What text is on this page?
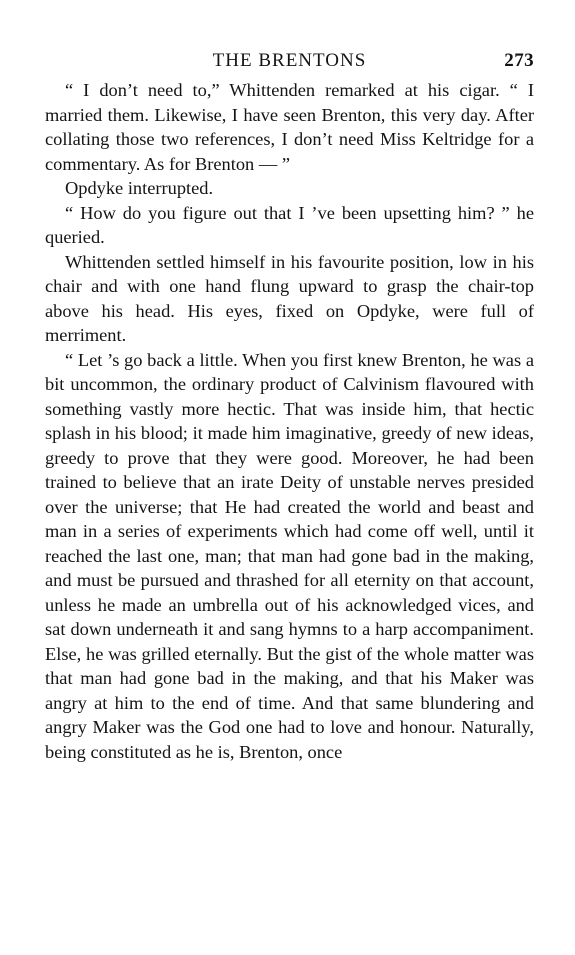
THE BRENTONS	273

“ I don’t need to,” Whittenden remarked at his cigar. “ I married them. Likewise, I have seen Brenton, this very day. After collating those two references, I don’t need Miss Keltridge for a commentary. As for Brenton — ”

Opdyke interrupted.

“ How do you figure out that I ’ve been upsetting him? ” he queried.

Whittenden settled himself in his favourite position, low in his chair and with one hand flung upward to grasp the chair-top above his head. His eyes, fixed on Opdyke, were full of merriment.

“ Let ’s go back a little. When you first knew Brenton, he was a bit uncommon, the ordinary product of Calvinism flavoured with something vastly more hectic. That was inside him, that hectic splash in his blood; it made him imaginative, greedy of new ideas, greedy to prove that they were good. Moreover, he had been trained to believe that an irate Deity of unstable nerves presided over the universe; that He had created the world and beast and man in a series of experiments which had come off well, until it reached the last one, man; that man had gone bad in the making, and must be pursued and thrashed for all eternity on that account, unless he made an umbrella out of his acknowledged vices, and sat down underneath it and sang hymns to a harp accompaniment. Else, he was grilled eternally. But the gist of the whole matter was that man had gone bad in the making, and that his Maker was angry at him to the end of time. And that same blundering and angry Maker was the God one had to love and honour. Naturally, being constituted as he is, Brenton, once
